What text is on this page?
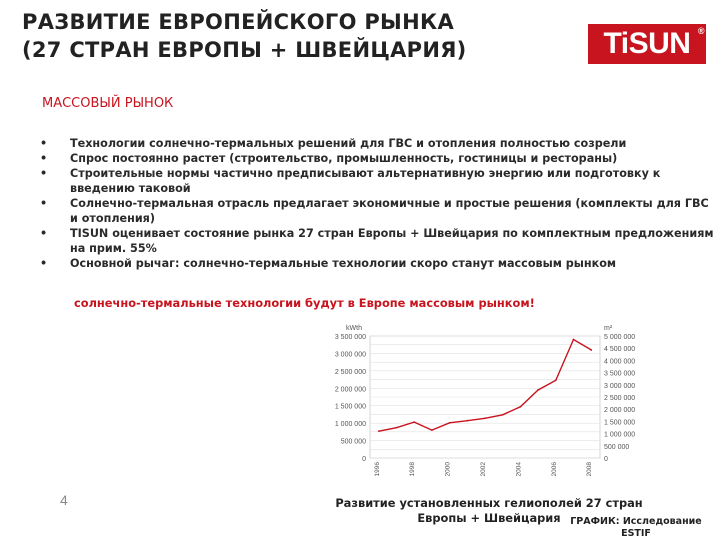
РАЗВИТИЕ ЕВРОПЕЙСКОГО РЫНКА
(27 СТРАН ЕВРОПЫ + ШВЕЙЦАРИЯ)	TiSUN ®
МАССОВЫЙ РЫНОК
• Технологии солнечно-термальных решений для ГВС и отопления полностью созрели
• Спрос постоянно растет (строительство, промышленность, гостиницы и рестораны)
• Строительные нормы частично предписывают альтернативную энергию или подготовку к введению таковой
• Солнечно-термальная отрасль предлагает экономичные и простые решения (комплекты для ГВС и отопления)
• TISUN оценивает состояние рынка 27 стран Европы + Швейцария по комплектным предложениям на прим. 55%
• Основной рычаг: солнечно-термальные технологии скоро станут массовым рынком
солнечно-термальные технологии будут в Европе массовым рынком!
0
500 000
1 000 000
1 500 000
2 000 000
2 500 000
3 000 000
3 500 000
0
500 000
1 000 000
1 500 000
2 000 000
2 500 000
3 000 000
3 500 000
4 000 000
4 500 000
5 000 000
kWth	m²
1996	1998	2000	2002	2004	2006	2008
4	Развитие установленных гелиополей 27 стран Европы + Швейцария	ГРАФИК: Исследование ESTIF
